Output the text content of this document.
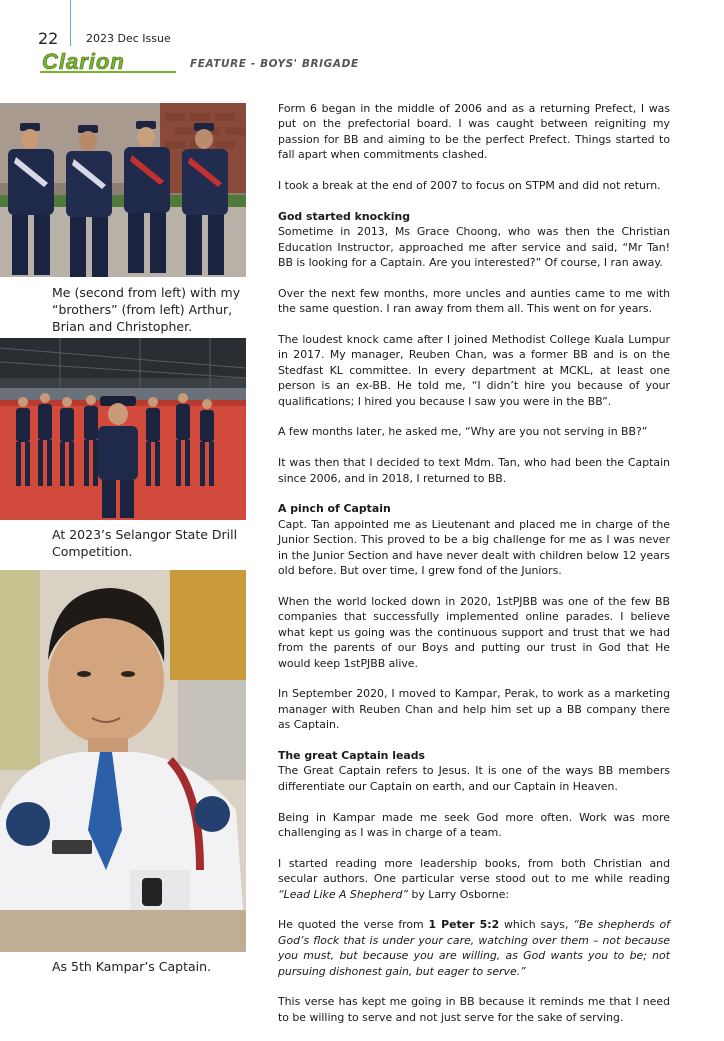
22	2023 Dec Issue
Clarion	FEATURE - BOYS' BRIGADE
Me (second from left) with my “brothers” (from left) Arthur, Brian and Christopher.
At 2023’s Selangor State Drill Competition.
As 5th Kampar’s Captain.

Form 6 began in the middle of 2006 and as a returning Prefect, I was put on the prefectorial board. I was caught between reigniting my passion for BB and aiming to be the perfect Prefect. Things started to fall apart when commitments clashed.

I took a break at the end of 2007 to focus on STPM and did not return.

God started knocking

Sometime in 2013, Ms Grace Choong, who was then the Christian Education Instructor, approached me after service and said, “Mr Tan! BB is looking for a Captain. Are you interested?” Of course, I ran away.

Over the next few months, more uncles and aunties came to me with the same question. I ran away from them all. This went on for years.

The loudest knock came after I joined Methodist College Kuala Lumpur in 2017. My manager, Reuben Chan, was a former BB and is on the Stedfast KL committee. In every department at MCKL, at least one person is an ex-BB. He told me, “I didn’t hire you because of your qualifications; I hired you because I saw you were in the BB”.

A few months later, he asked me, “Why are you not serving in BB?”

It was then that I decided to text Mdm. Tan, who had been the Captain since 2006, and in 2018, I returned to BB.

A pinch of Captain

Capt. Tan appointed me as Lieutenant and placed me in charge of the Junior Section. This proved to be a big challenge for me as I was never in the Junior Section and have never dealt with children below 12 years old before. But over time, I grew fond of the Juniors.

When the world locked down in 2020, 1stPJBB was one of the few BB companies that successfully implemented online parades. I believe what kept us going was the continuous support and trust that we had from the parents of our Boys and putting our trust in God that He would keep 1stPJBB alive.

In September 2020, I moved to Kampar, Perak, to work as a marketing manager with Reuben Chan and help him set up a BB company there as Captain.

The great Captain leads

The Great Captain refers to Jesus. It is one of the ways BB members differentiate our Captain on earth, and our Captain in Heaven.

Being in Kampar made me seek God more often. Work was more challenging as I was in charge of a team.

I started reading more leadership books, from both Christian and secular authors. One particular verse stood out to me while reading “Lead Like A Shepherd” by Larry Osborne:

He quoted the verse from 1 Peter 5:2 which says, “Be shepherds of God’s flock that is under your care, watching over them – not because you must, but because you are willing, as God wants you to be; not pursuing dishonest gain, but eager to serve.”

This verse has kept me going in BB because it reminds me that I need to be willing to serve and not just serve for the sake of serving.
